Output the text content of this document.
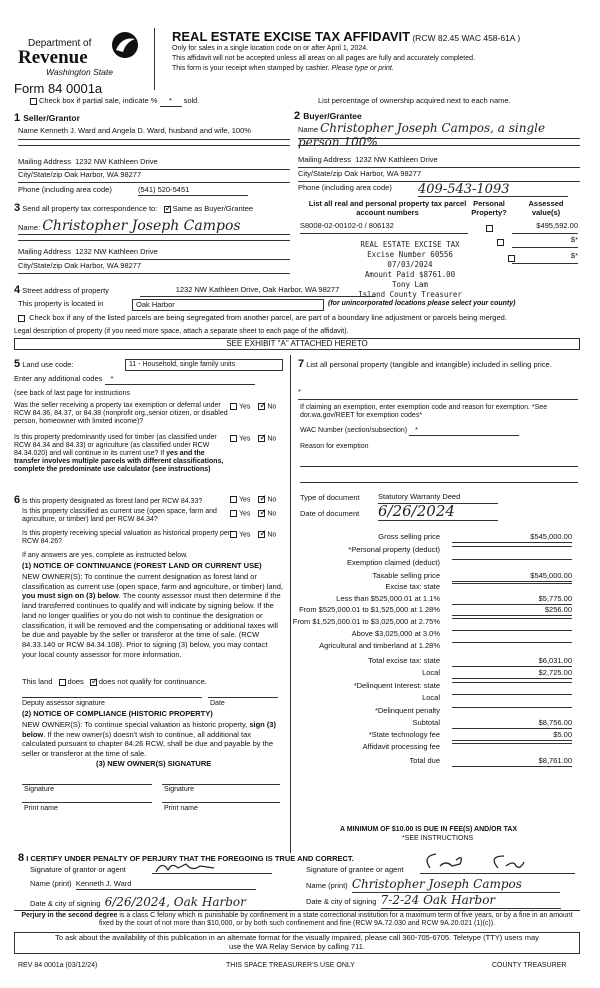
Department of
Revenue
Washington State
Form 84 0001a
REAL ESTATE EXCISE TAX AFFIDAVIT (RCW 82.45 WAC 458-61A )
Only for sales in a single location code on or after April 1, 2024.
This affidavit will not be accepted unless all areas on all pages are fully and accurately completed.
This form is your receipt when stamped by cashier. Please type or print.
Check box if partial sale, indicate % * sold.	List percentage of ownership acquired next to each name.
1 Seller/Grantor
Name Kenneth J. Ward and Angela D. Ward, husband and wife, 100%
Mailing Address 1232 NW Kathleen Drive
City/State/zip Oak Harbor, WA 98277
Phone (including area code)	(541) 520-5451
2 Buyer/Grantee
Name Christopher Joseph Campos, a single person 100%
Mailing Address 1232 NW Kathleen Drive
City/State/zip Oak Harbor, WA 98277
Phone (including area code) 409-543-1093
3 Send all property tax correspondence to: ✓ Same as Buyer/Grantee
Name: Christopher Joseph Campos
Mailing Address 1232 NW Kathleen Drive
City/State/zip Oak Harbor, WA 98277
List all real and personal property tax parcel account numbers
Personal Property?
Assessed value(s)
S8008-02-00102-0 / 806132
	$495,592.00

$*
$*
REAL ESTATE EXCISE TAX
Excise Number 60556
07/03/2024
Amount Paid $8761.00
Tony Lam
Island County Treasurer
4 Street address of property	1232 NW Kathleen Drive, Oak Harbor, WA 98277
This property is located in	Oak Harbor	(for unincorporated locations please select your county)
Check box if any of the listed parcels are being segregated from another parcel, are part of a boundary line adjustment or parcels being merged.
Legal description of property (if you need more space, attach a separate sheet to each page of the affidavit).
SEE EXHIBIT "A" ATTACHED HERETO
5 Land use code:	11 - Household, single family units
Enter any additional codes *
(see back of last page for instructions
Was the seller receiving a property tax exemption or deferral under RCW 84.36, 84.37, or 84.38 (nonprofit org.,senior citizen, or disabled person, homeowner with limited income)?
Yes ✓ No
Is this property predominantly used for timber (as classified under RCW 84.34 and 84.33) or agriculture (as classified under RCW 84.34.020) and will continue in its current use? If yes and the transfer involves multiple parcels with different classifications, complete the predominate use calculator (see instructions)
Yes ✓ No
6 Is this property designated as forest land per RCW 84.33?	Yes ✓ No
Is this property classified as current use (open space, farm and agriculture, or timber) land per RCW 84.34?
Yes ✓ No
Is this property receiving special valuation as historical property per RCW 84.26?
Yes ✓ No
If any answers are yes, complete as instructed below.
(1) NOTICE OF CONTINUANCE (FOREST LAND OR CURRENT USE)
NEW OWNER(S): To continue the current designation as forest land or classification as current use (open space, farm and agriculture, or timber) land, you must sign on (3) below. The county assessor must then determine if the land transferred continues to qualify and will indicate by signing below. If the land no longer qualifies or you do not wish to continue the designation or classification, it will be removed and the compensating or additional taxes will be due and payable by the seller or transferor at the time of sale. (RCW 84.33.140 or RCW 84.34.108). Prior to signing (3) below, you may contact your local county assessor for more information.
This land does ✓ does not qualify for continuance.
Deputy assessor signature	Date
(2) NOTICE OF COMPLIANCE (HISTORIC PROPERTY)
NEW OWNER(S): To continue special valuation as historic property, sign (3) below. If the new owner(s) doesn't wish to continue, all additional tax calculated pursuant to chapter 84.26 RCW, shall be due and payable by the seller or transferor at the time of sale.
(3) NEW OWNER(S) SIGNATURE
Signature	Signature
Print name	Print name
7 List all personal property (tangible and intangible) included in selling price.
*
If claiming an exemption, enter exemption code and reason for exemption. *See dor.wa.gov/REET for exemption codes*
WAC Number (section/subsection) *
Reason for exemption
Type of document Statutory Warranty Deed
Date of document 6/26/2024
Gross selling price	$545,000.00
*Personal property (deduct)
Exemption claimed (deduct)
Taxable selling price	$545,000.00
Excise tax: state
Less than $525,000.01 at 1.1%	$5,775.00
From $525,000.01 to $1,525,000 at 1.28%	$256.00
From $1,525,000.01 to $3,025,000 at 2.75%
Above $3,025,000 at 3.0%
Agricultural and timberland at 1.28%
Total excise tax: state	$6,031.00
Local	$2,725.00
*Delinquent Interest: state
Local
*Delinquent penalty
Subtotal	$8,756.00
*State technology fee	$5.00
Affidavit processing fee
Total due	$8,761.00
A MINIMUM OF $10.00 IS DUE IN FEE(S) AND/OR TAX
*SEE INSTRUCTIONS
8 I CERTIFY UNDER PENALTY OF PERJURY THAT THE FOREGOING IS TRUE AND CORRECT.
Signature of grantor or agent	Signature of grantee or agent
Name (print) Kenneth J. Ward	Name (print) Christopher Joseph Campos
Date & city of signing 6/26/2024, Oak Harbor	Date & city of signing 7-2-24 Oak Harbor
Perjury in the second degree is a class C felony which is punishable by confinement in a state correctional institution for a maximum term of five years, or by a fine in an amount fixed by the court of not more than $10,000, or by both such confinement and fine (RCW 9A.72.030 and RCW 9A.20.021 (1)(c)).
To ask about the availability of this publication in an alternate format for the visually impaired, please call 360-705-6705. Teletype (TTY) users may use the WA Relay Service by calling 711.
REV 84 0001a (03/12/24)	THIS SPACE TREASURER'S USE ONLY	COUNTY TREASURER
